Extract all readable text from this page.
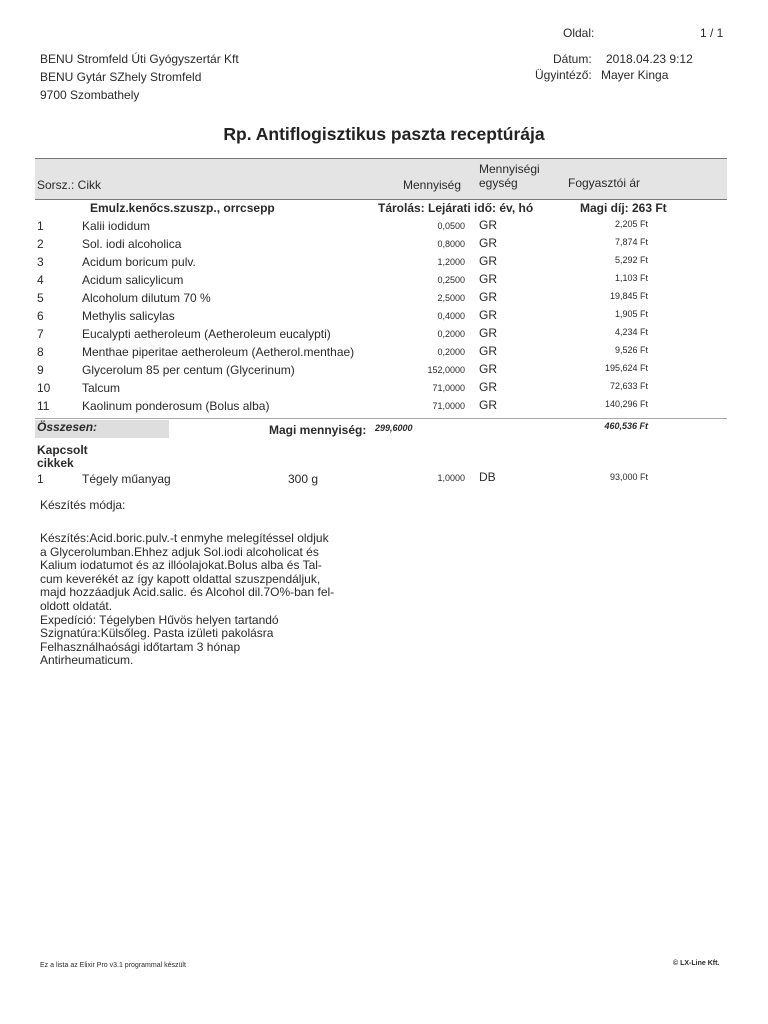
Oldal:	1 / 1
BENU Stromfeld Úti Gyógyszertár Kft
BENU Gytár SZhely Stromfeld
9700 Szombathely
Dátum: 2018.04.23 9:12
Ügyintéző: Mayer Kinga
Rp. Antiflogisztikus paszta receptúrája
Sorsz.: Cikk	Mennyiség
Mennyiségi
egység	Fogyasztói ár
Emulz.kenőcs.szuszp., orrcsepp	Tárolás: Lejárati idő: év, hó	Magi díj: 263 Ft
1	Kalii iodidum	0,0500 GR	2,205 Ft
2	Sol. iodi alcoholica	0,8000 GR	7,874 Ft
3	Acidum boricum pulv.	1,2000 GR	5,292 Ft
4	Acidum salicylicum	0,2500 GR	1,103 Ft
5	Alcoholum dilutum 70 %	2,5000 GR	19,845 Ft
6	Methylis salicylas	0,4000 GR	1,905 Ft
7	Eucalypti aetheroleum (Aetheroleum eucalypti)	0,2000 GR	4,234 Ft
8	Menthae piperitae aetheroleum (Aetherol.menthae)	0,2000 GR	9,526 Ft
9	Glycerolum 85 per centum (Glycerinum)	152,0000 GR	195,624 Ft
10	Talcum	71,0000 GR	72,633 Ft
11	Kaolinum ponderosum (Bolus alba)	71,0000 GR	140,296 Ft
Összesen:	Magi mennyiség: 299,6000	460,536 Ft
Kapcsolt
cikkek
1	Tégely műanyag	300 g	1,0000 DB	93,000 Ft
Készítés módja:
Készítés:Acid.boric.pulv.-t enmyhe melegítéssel oldjuk
a Glycerolumban.Ehhez adjuk Sol.iodi alcoholicat és
Kalium iodatumot és az illóolajokat.Bolus alba és Tal-
cum keverékét az így kapott oldattal szuszpendáljuk,
majd hozzáadjuk Acid.salic. és Alcohol dil.7O%-ban fel-
oldott oldatát.
Expedíció: Tégelyben Hűvös helyen tartandó
Szignatúra:Külsőleg. Pasta izületi pakolásra
Felhasználhaósági időtartam 3 hónap
Antirheumaticum.
Ez a lista az Elixir Pro v3.1 programmal készült	© LX-Line Kft.
